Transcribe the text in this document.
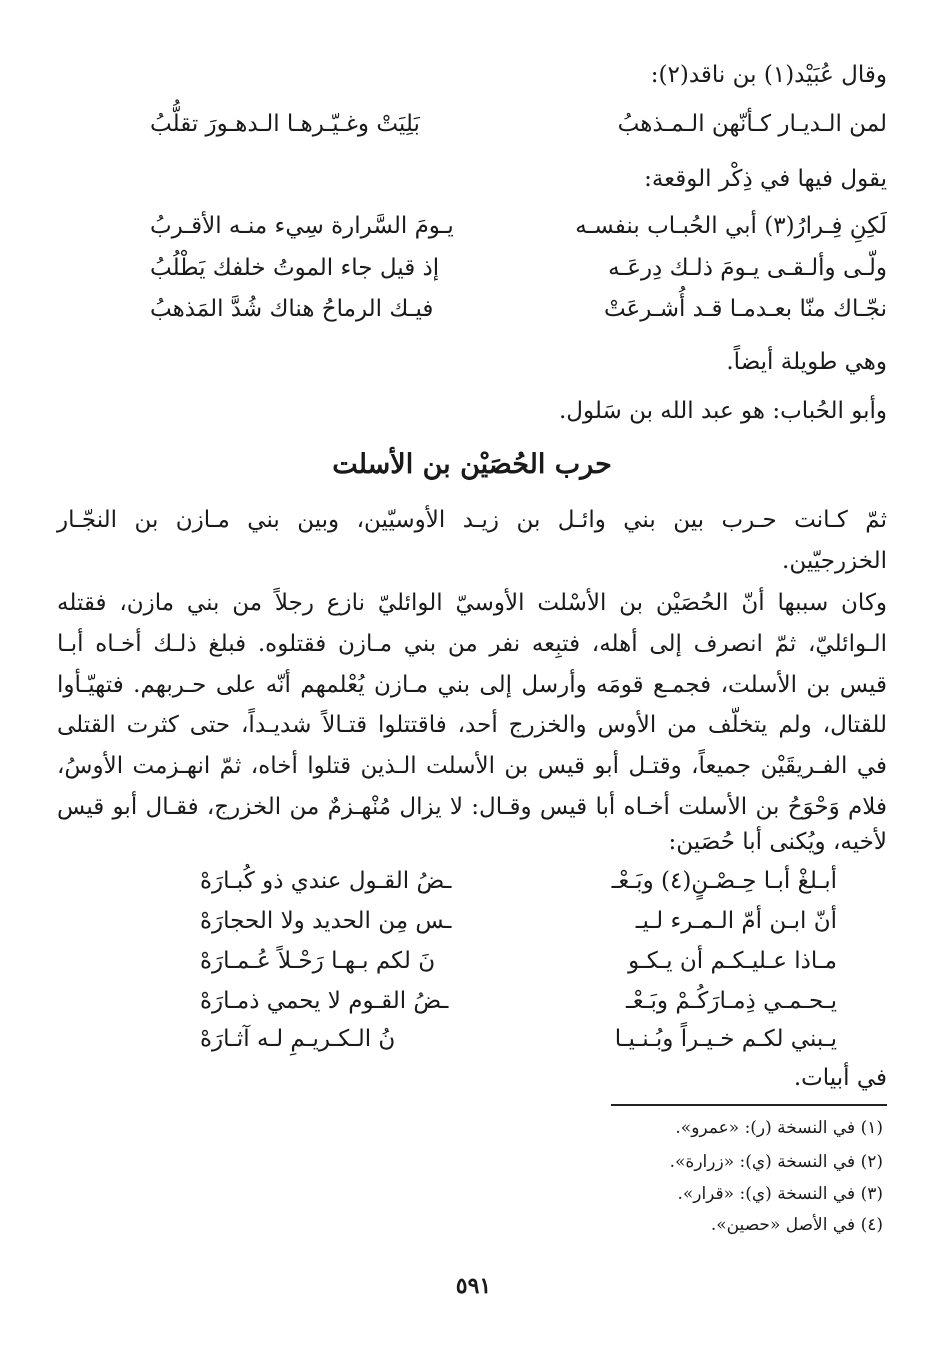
وقال عُبَيْد(١) بن ناقد(٢):
لمن الـديـار كـأنّهن الـمـذهبُ
بَلِيَتْ وغـيّـرهـا الـدهـورَ تقلُّبُ
يقول فيها في ذِكْر الوقعة:
لَكِنِ فِـرارُ(٣) أبي الحُبـاب بنفسـه
يـومَ السَّرارة سِيء منـه الأقـربُ
ولّـى وألـقـى يـومَ ذلـك دِرعَـه
إذ قيل جاء الموتُ خلفك يَطْلُبُ
نجّـاك منّا بعـدمـا قـد أُشـرعَتْ
فيـك الرماحُ هناك شُدَّ المَذهبُ
وهي طويلة أيضاً.
وأبو الحُباب: هو عبد الله بن سَلول.
حرب الحُصَيْن بن الأسلت
ثمّ كـانت حـرب بين بني وائـل بن زيـد الأوسيّين، وبين بني مـازن بن النجّـار
الخزرجيّين.
وكان سببها أنّ الحُصَيْن بن الأسْلت الأوسيّ الوائليّ نازع رجلاً من بني مازن، فقتله
الـوائليّ، ثمّ انصرف إلى أهله، فتبِعه نفر من بني مـازن فقتلوه. فبلغ ذلـك أخـاه أبـا
قيس بن الأسلت، فجمـع قومَه وأرسل إلى بني مـازن يُعْلمهم أنّه على حـربهم. فتهيّـأوا
للقتال، ولم يتخلّف من الأوس والخزرج أحد، فاقتتلوا قتـالاً شديـداً، حتى كثرت القتلى
في الفـريقَيْن جميعاً، وقتـل أبو قيس بن الأسلت الـذين قتلوا أخاه، ثمّ انهـزمت الأوسُ،
فلام وَحْوَحُ بن الأسلت أخـاه أبا قيس وقـال: لا يزال مُنْهـزمٌ من الخزرج، فقـال أبو قيس
لأخيه، ويُكنى أبا حُصَين:
أبـلغْ أبـا حِـصْـنٍ(٤) وبَـعْـ
ـضُ القـول عندي ذو كُبـارَهْ
أنّ ابـن أمّ الـمـرء لـيـ
ـس مِن الحديد ولا الحجارَهْ
مـاذا عـليـكـم أن يـكـو
نَ لكم بـهـا رَحْـلاً عُـمـارَهْ
يـحـمـي ذِمـارَكُـمْ وبَـعْـ
ـضُ القـوم لا يحمي ذمـارَهْ
يـبني لكـم خـيـراً وبُـنـيـا
نُ الـكـريـمِ لـه آثـارَهْ
في أبيات.
(١) في النسخة (ر): «عمرو».
(٢) في النسخة (ي): «زرارة».
(٣) في النسخة (ي): «قرار».
(٤) في الأصل «حصين».
٥٩١
